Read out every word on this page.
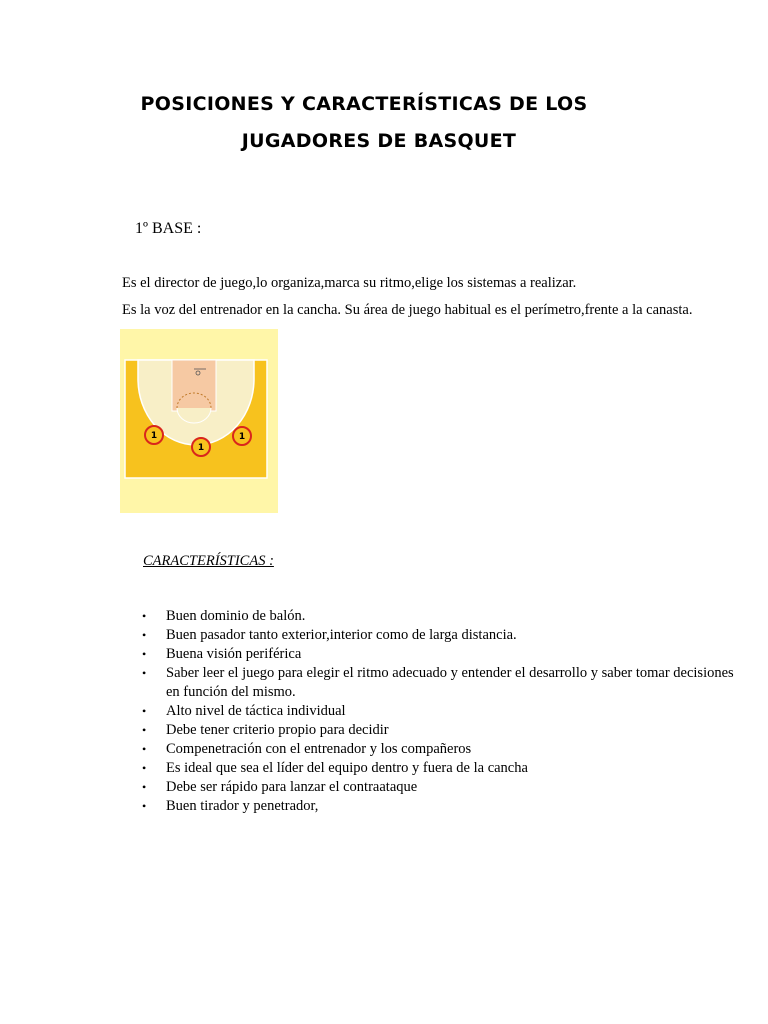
POSICIONES Y CARACTERÍSTICAS DE LOS
JUGADORES DE BASQUET
1º BASE :
Es el director de juego,lo organiza,marca su ritmo,elige los sistemas a realizar.
Es la voz del entrenador en la cancha. Su área de juego habitual es el perímetro,frente a la canasta.
1
1
1
CARACTERÍSTICAS :
• Buen dominio de balón.
• Buen pasador tanto exterior,interior como de larga distancia.
• Buena visión periférica
• Saber leer el juego para elegir el ritmo adecuado y entender el desarrollo y saber tomar decisiones en función del mismo.
• Alto nivel de táctica individual
• Debe tener criterio propio para decidir
• Compenetración con el entrenador y los compañeros
• Es ideal que sea el líder del equipo dentro y fuera de la cancha
• Debe ser rápido para lanzar el contraataque
• Buen tirador y penetrador,
